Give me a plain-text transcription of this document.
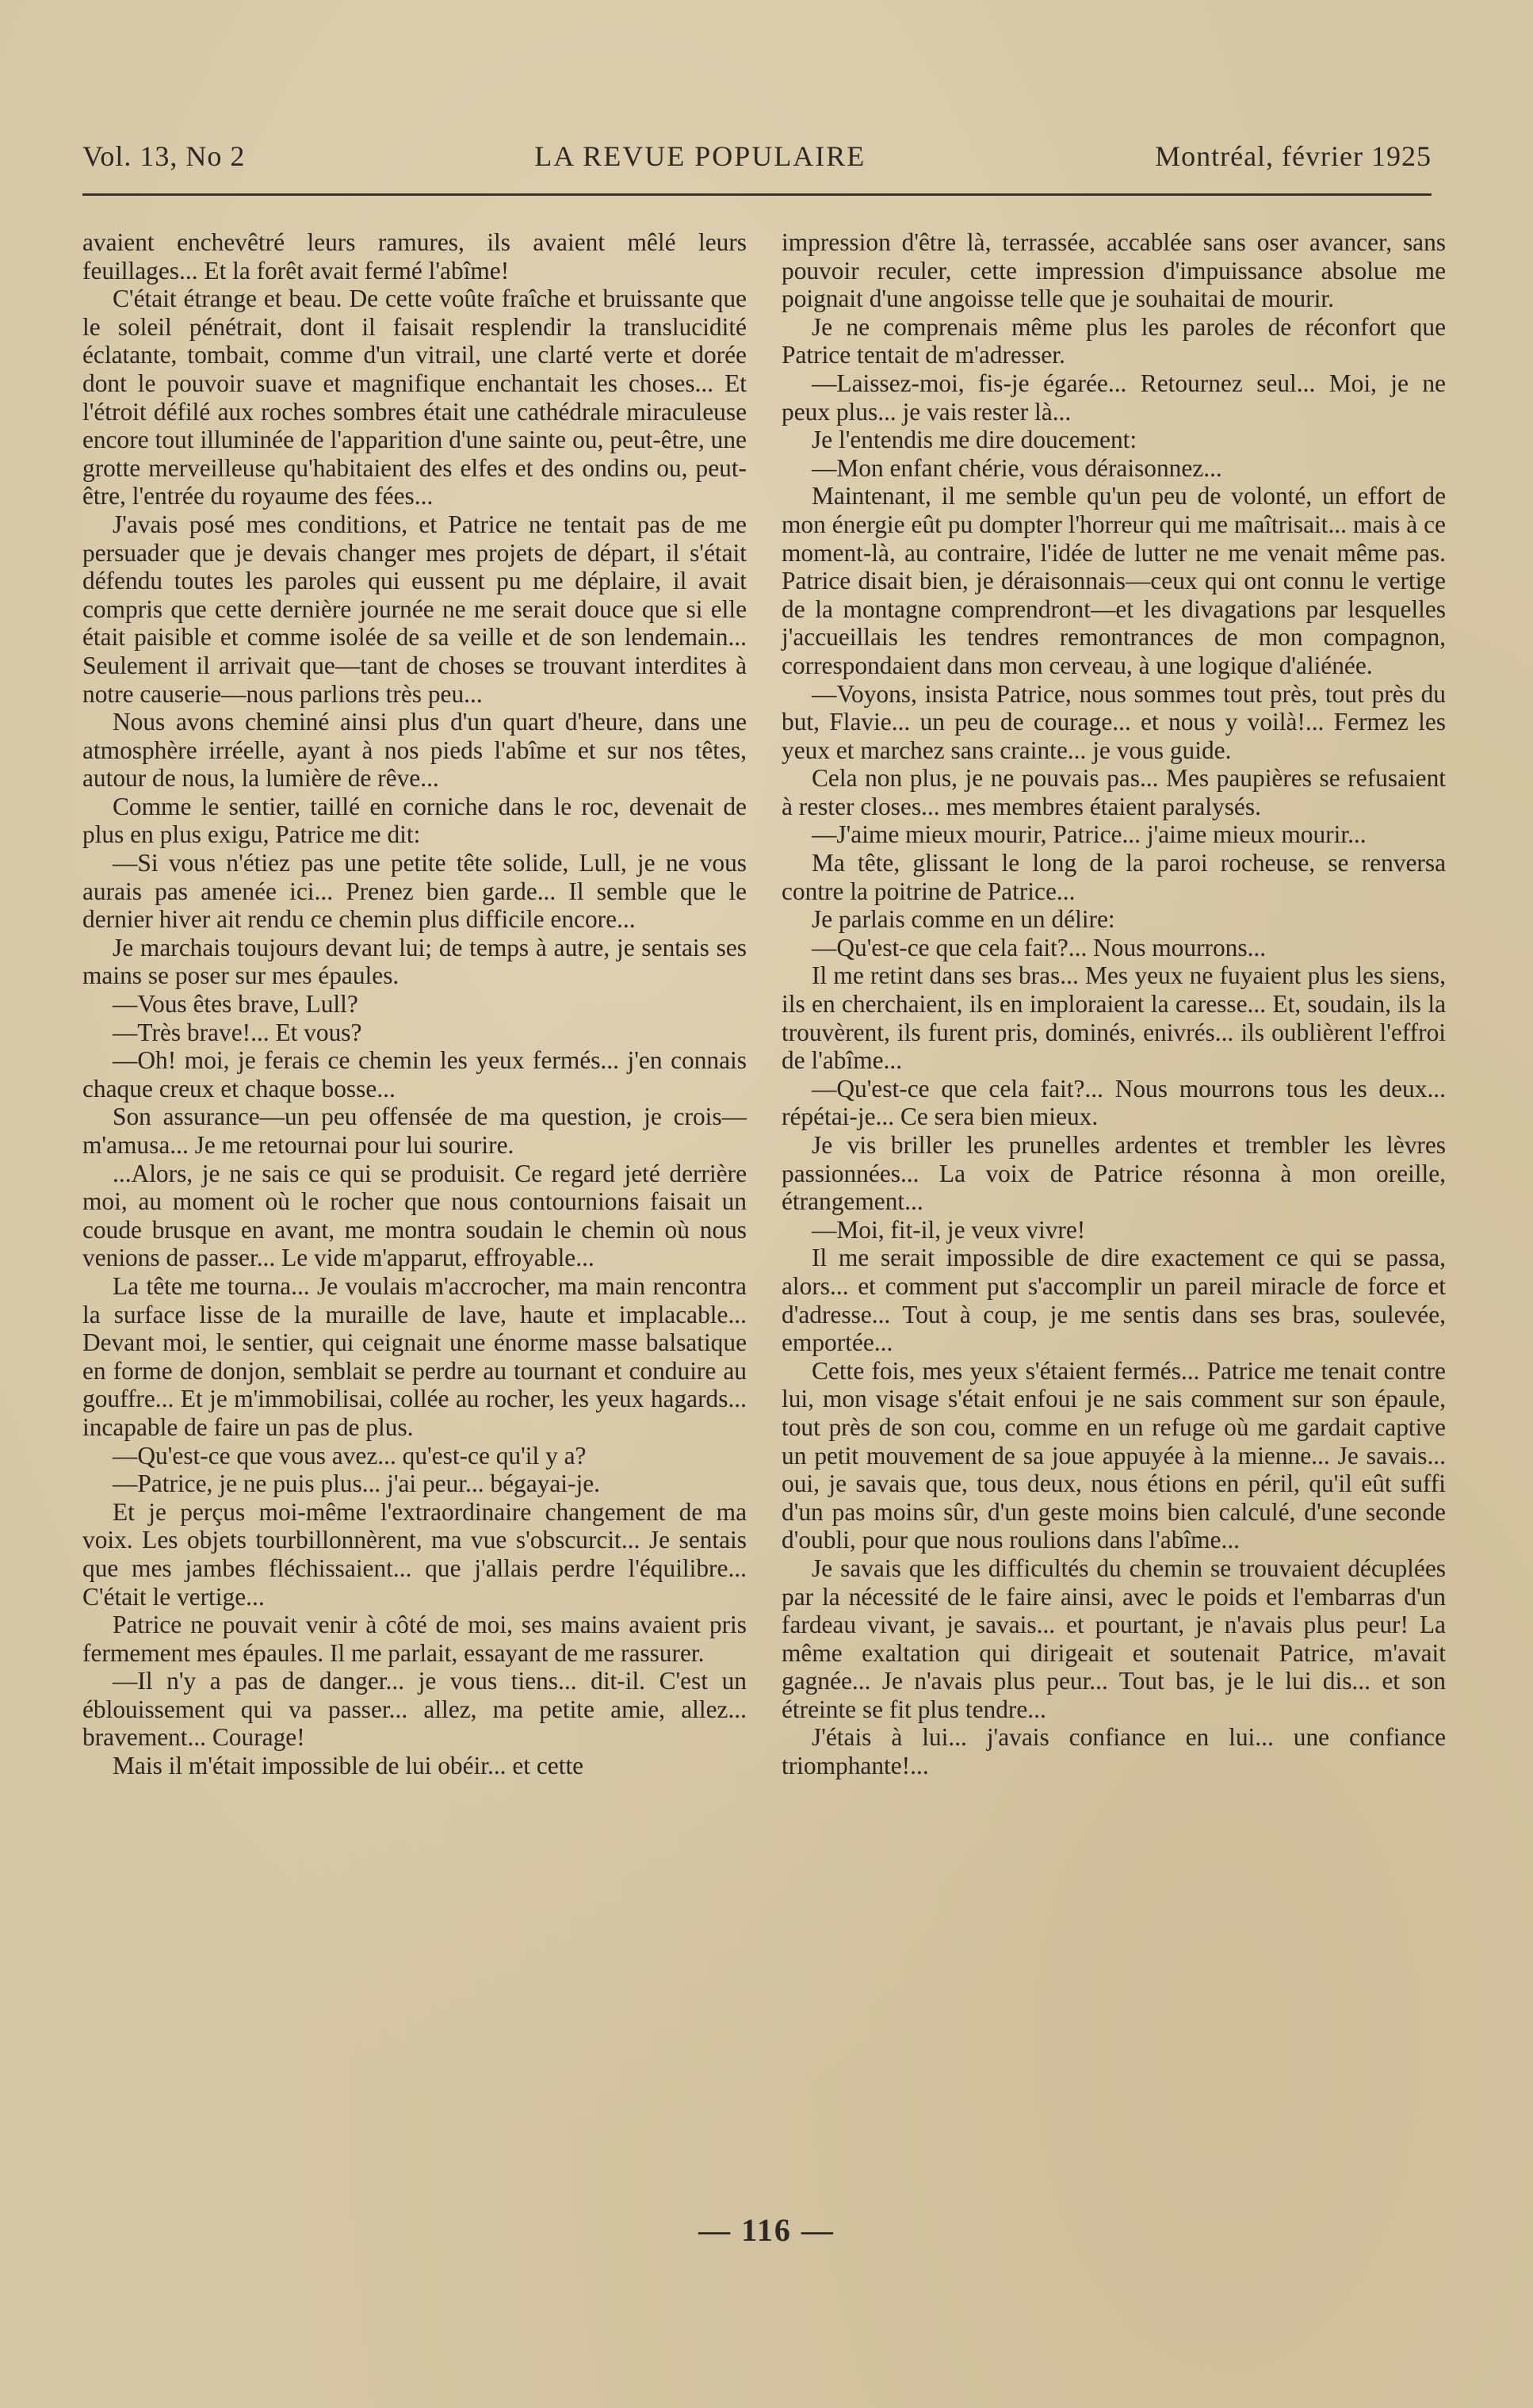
Vol. 13, No 2	LA REVUE POPULAIRE	Montréal, février 1925

avaient enchevêtré leurs ramures, ils avaient mêlé leurs feuillages... Et la forêt avait fermé l'abîme!

C'était étrange et beau. De cette voûte fraîche et bruissante que le soleil pénétrait, dont il faisait resplendir la translucidité éclatante, tombait, comme d'un vitrail, une clarté verte et dorée dont le pouvoir suave et magnifique enchantait les choses... Et l'étroit défilé aux roches sombres était une cathédrale miraculeuse encore tout illuminée de l'apparition d'une sainte ou, peut-être, une grotte merveilleuse qu'habitaient des elfes et des ondins ou, peut-être, l'entrée du royaume des fées...

J'avais posé mes conditions, et Patrice ne tentait pas de me persuader que je devais changer mes projets de départ, il s'était défendu toutes les paroles qui eussent pu me déplaire, il avait compris que cette dernière journée ne me serait douce que si elle était paisible et comme isolée de sa veille et de son lendemain... Seulement il arrivait que—tant de choses se trouvant interdites à notre causerie—nous parlions très peu...

Nous avons cheminé ainsi plus d'un quart d'heure, dans une atmosphère irréelle, ayant à nos pieds l'abîme et sur nos têtes, autour de nous, la lumière de rêve...

Comme le sentier, taillé en corniche dans le roc, devenait de plus en plus exigu, Patrice me dit:

—Si vous n'étiez pas une petite tête solide, Lull, je ne vous aurais pas amenée ici... Prenez bien garde... Il semble que le dernier hiver ait rendu ce chemin plus difficile encore...

Je marchais toujours devant lui; de temps à autre, je sentais ses mains se poser sur mes épaules.

—Vous êtes brave, Lull?

—Très brave!... Et vous?

—Oh! moi, je ferais ce chemin les yeux fermés... j'en connais chaque creux et chaque bosse...

Son assurance—un peu offensée de ma question, je crois—m'amusa... Je me retournai pour lui sourire.

...Alors, je ne sais ce qui se produisit. Ce regard jeté derrière moi, au moment où le rocher que nous contournions faisait un coude brusque en avant, me montra soudain le chemin où nous venions de passer... Le vide m'apparut, effroyable...

La tête me tourna... Je voulais m'accrocher, ma main rencontra la surface lisse de la muraille de lave, haute et implacable... Devant moi, le sentier, qui ceignait une énorme masse balsatique en forme de donjon, semblait se perdre au tournant et conduire au gouffre... Et je m'immobilisai, collée au rocher, les yeux hagards... incapable de faire un pas de plus.

—Qu'est-ce que vous avez... qu'est-ce qu'il y a?

—Patrice, je ne puis plus... j'ai peur... bégayai-je.

Et je perçus moi-même l'extraordinaire changement de ma voix. Les objets tourbillonnèrent, ma vue s'obscurcit... Je sentais que mes jambes fléchissaient... que j'allais perdre l'équilibre... C'était le vertige...

Patrice ne pouvait venir à côté de moi, ses mains avaient pris fermement mes épaules. Il me parlait, essayant de me rassurer.

—Il n'y a pas de danger... je vous tiens... dit-il. C'est un éblouissement qui va passer... allez, ma petite amie, allez... bravement... Courage!

Mais il m'était impossible de lui obéir... et cette

impression d'être là, terrassée, accablée sans oser avancer, sans pouvoir reculer, cette impression d'impuissance absolue me poignait d'une angoisse telle que je souhaitai de mourir.

Je ne comprenais même plus les paroles de réconfort que Patrice tentait de m'adresser.

—Laissez-moi, fis-je égarée... Retournez seul... Moi, je ne peux plus... je vais rester là...

Je l'entendis me dire doucement:

—Mon enfant chérie, vous déraisonnez...

Maintenant, il me semble qu'un peu de volonté, un effort de mon énergie eût pu dompter l'horreur qui me maîtrisait... mais à ce moment-là, au contraire, l'idée de lutter ne me venait même pas. Patrice disait bien, je déraisonnais—ceux qui ont connu le vertige de la montagne comprendront—et les divagations par lesquelles j'accueillais les tendres remontrances de mon compagnon, correspondaient dans mon cerveau, à une logique d'aliénée.

—Voyons, insista Patrice, nous sommes tout près, tout près du but, Flavie... un peu de courage... et nous y voilà!... Fermez les yeux et marchez sans crainte... je vous guide.

Cela non plus, je ne pouvais pas... Mes paupières se refusaient à rester closes... mes membres étaient paralysés.

—J'aime mieux mourir, Patrice... j'aime mieux mourir...

Ma tête, glissant le long de la paroi rocheuse, se renversa contre la poitrine de Patrice...

Je parlais comme en un délire:

—Qu'est-ce que cela fait?... Nous mourrons...

Il me retint dans ses bras... Mes yeux ne fuyaient plus les siens, ils en cherchaient, ils en imploraient la caresse... Et, soudain, ils la trouvèrent, ils furent pris, dominés, enivrés... ils oublièrent l'effroi de l'abîme...

—Qu'est-ce que cela fait?... Nous mourrons tous les deux... répétai-je... Ce sera bien mieux.

Je vis briller les prunelles ardentes et trembler les lèvres passionnées... La voix de Patrice résonna à mon oreille, étrangement...

—Moi, fit-il, je veux vivre!

Il me serait impossible de dire exactement ce qui se passa, alors... et comment put s'accomplir un pareil miracle de force et d'adresse... Tout à coup, je me sentis dans ses bras, soulevée, emportée...

Cette fois, mes yeux s'étaient fermés... Patrice me tenait contre lui, mon visage s'était enfoui je ne sais comment sur son épaule, tout près de son cou, comme en un refuge où me gardait captive un petit mouvement de sa joue appuyée à la mienne... Je savais... oui, je savais que, tous deux, nous étions en péril, qu'il eût suffi d'un pas moins sûr, d'un geste moins bien calculé, d'une seconde d'oubli, pour que nous roulions dans l'abîme...

Je savais que les difficultés du chemin se trouvaient décuplées par la nécessité de le faire ainsi, avec le poids et l'embarras d'un fardeau vivant, je savais... et pourtant, je n'avais plus peur! La même exaltation qui dirigeait et soutenait Patrice, m'avait gagnée... Je n'avais plus peur... Tout bas, je le lui dis... et son étreinte se fit plus tendre...

J'étais à lui... j'avais confiance en lui... une confiance triomphante!...

— 116 —
